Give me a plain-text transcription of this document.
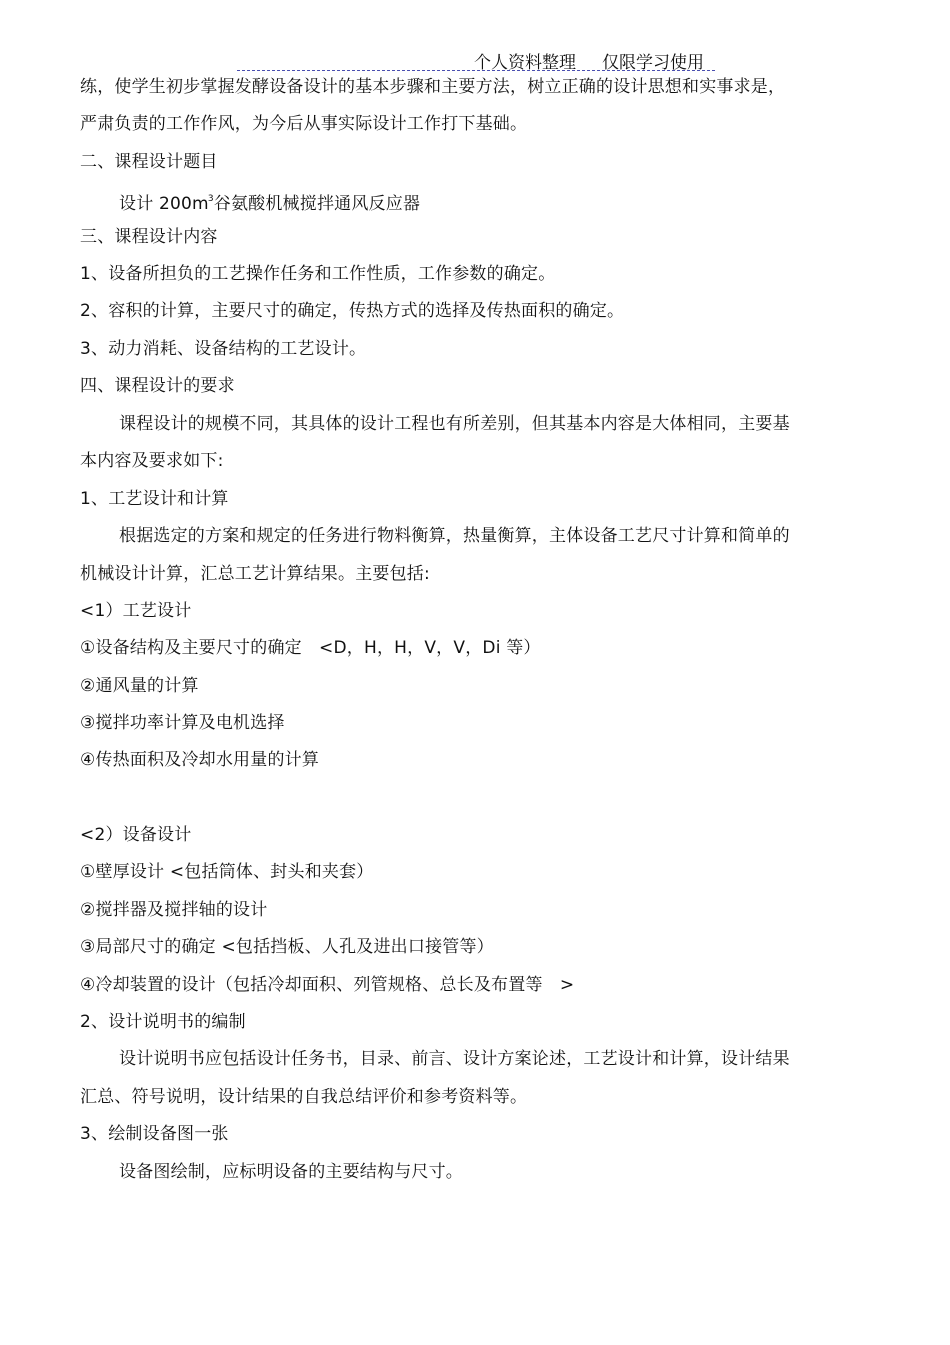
个人资料整理 仅限学习使用
练，使学生初步掌握发酵设备设计的基本步骤和主要方法，树立正确的设计思想和实事求是，
严肃负责的工作作风，为今后从事实际设计工作打下基础。
二、课程设计题目
设计 $200m^3$谷氨酸机械搅拌通风反应器
三、课程设计内容
1、设备所担负的工艺操作任务和工作性质，工作参数的确定。
2、容积的计算，主要尺寸的确定，传热方式的选择及传热面积的确定。
3、动力消耗、设备结构的工艺设计。
四、课程设计的要求
课程设计的规模不同，其具体的设计工程也有所差别，但其基本内容是大体相同，主要基
本内容及要求如下:
1、工艺设计和计算
根据选定的方案和规定的任务进行物料衡算，热量衡算，主体设备工艺尺寸计算和简单的
机械设计计算，汇总工艺计算结果。主要包括:
<1）工艺设计
①设备结构及主要尺寸的确定　<D，H，H，V，V，Di 等）
②通风量的计算
③搅拌功率计算及电机选择
④传热面积及冷却水用量的计算
<2）设备设计
①壁厚设计 <包括筒体、封头和夹套）
②搅拌器及搅拌轴的设计
③局部尺寸的确定 <包括挡板、人孔及进出口接管等）
④冷却装置的设计（包括冷却面积、列管规格、总长及布置等　>
2、设计说明书的编制
设计说明书应包括设计任务书，目录、前言、设计方案论述，工艺设计和计算，设计结果
汇总、符号说明，设计结果的自我总结评价和参考资料等。
3、绘制设备图一张
设备图绘制，应标明设备的主要结构与尺寸。
